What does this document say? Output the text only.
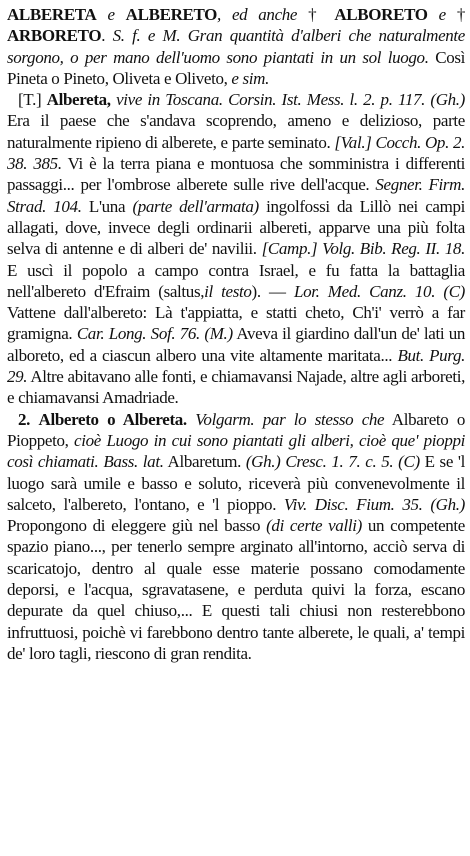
ALBERETA e ALBERETO, ed anche † ALBORETO e † ARBORETO. S. f. e M. Gran quantità d'alberi che naturalmente sorgono, o per mano dell'uomo sono piantati in un sol luogo. Così Pineta o Pineto, Oliveta e Oliveto, e sim.

[T.] Albereta, vive in Toscana. Corsin. Ist. Mess. l. 2. p. 117. (Gh.) Era il paese che s'andava scoprendo, ameno e delizioso, parte naturalmente ripieno di alberete, e parte seminato. [Val.] Cocch. Op. 2. 38. 385. Vi è la terra piana e montuosa che somministra i differenti passaggi... per l'ombrose alberete sulle rive dell'acque. Segner. Firm. Strad. 104. L'una (parte dell'armata) ingolfossi da Lillò nei campi allagati, dove, invece degli ordinarii albereti, apparve una più folta selva di antenne e di alberi de' navilii. [Camp.] Volg. Bib. Reg. II. 18. E uscì il popolo a campo contra Israel, e fu fatta la battaglia nell'albereto d'Efraim (saltus,il testo). — Lor. Med. Canz. 10. (C) Vattene dall'albereto: Là t'appiatta, e statti cheto, Ch'i' verrò a far gramigna. Car. Long. Sof. 76. (M.) Aveva il giardino dall'un de' lati un alboreto, ed a ciascun albero una vite altamente maritata... But. Purg. 29. Altre abitavano alle fonti, e chiamavansi Najade, altre agli arboreti, e chiamavansi Amadriade.

2. Albereto o Albereta. Volgarm. par lo stesso che Albareto o Pioppeto, cioè Luogo in cui sono piantati gli alberi, cioè que' pioppi così chiamati. Bass. lat. Albaretum. (Gh.) Cresc. 1. 7. c. 5. (C) E se 'l luogo sarà umile e basso e soluto, riceverà più convenevolmente il salceto, l'albereto, l'ontano, e 'l pioppo. Viv. Disc. Fium. 35. (Gh.) Propongono di eleggere giù nel basso (di certe valli) un competente spazio piano..., per tenerlo sempre arginato all'intorno, acciò serva di scaricatojo, dentro al quale esse materie possano comodamente deporsi, e l'acqua, sgravatasene, e perduta quivi la forza, escano depurate da quel chiuso,... E questi tali chiusi non resterebbono infruttuosi, poichè vi farebbono dentro tante alberete, le quali, a' tempi de' loro tagli, riescono di gran rendita.
